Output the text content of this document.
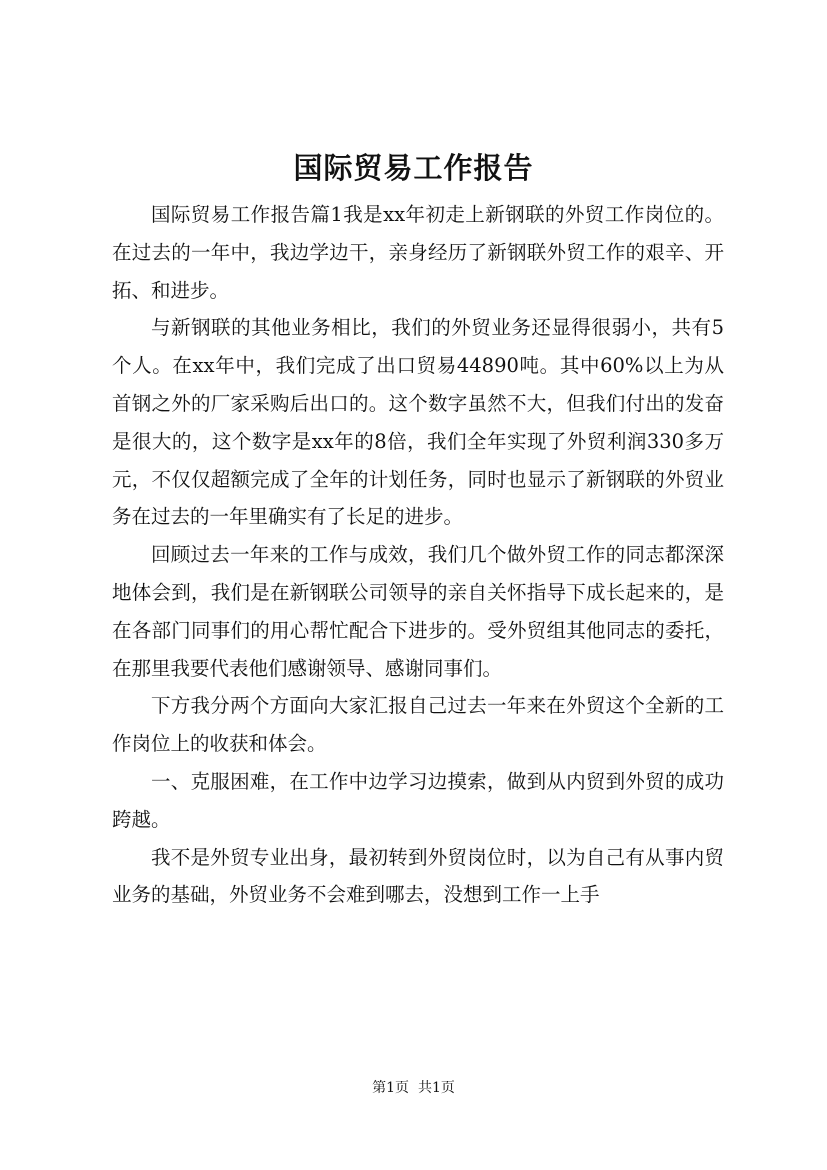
国际贸易工作报告

国际贸易工作报告篇1我是xx年初走上新钢联的外贸工作岗位的。在过去的一年中，我边学边干，亲身经历了新钢联外贸工作的艰辛、开拓、和进步。

与新钢联的其他业务相比，我们的外贸业务还显得很弱小，共有5个人。在xx年中，我们完成了出口贸易44890吨。其中60%以上为从首钢之外的厂家采购后出口的。这个数字虽然不大，但我们付出的发奋是很大的，这个数字是xx年的8倍，我们全年实现了外贸利润330多万元，不仅仅超额完成了全年的计划任务，同时也显示了新钢联的外贸业务在过去的一年里确实有了长足的进步。

回顾过去一年来的工作与成效，我们几个做外贸工作的同志都深深地体会到，我们是在新钢联公司领导的亲自关怀指导下成长起来的，是在各部门同事们的用心帮忙配合下进步的。受外贸组其他同志的委托，在那里我要代表他们感谢领导、感谢同事们。

下方我分两个方面向大家汇报自己过去一年来在外贸这个全新的工作岗位上的收获和体会。

一、克服困难，在工作中边学习边摸索，做到从内贸到外贸的成功跨越。

我不是外贸专业出身，最初转到外贸岗位时，以为自己有从事内贸业务的基础，外贸业务不会难到哪去，没想到工作一上手

第1页 共1页
